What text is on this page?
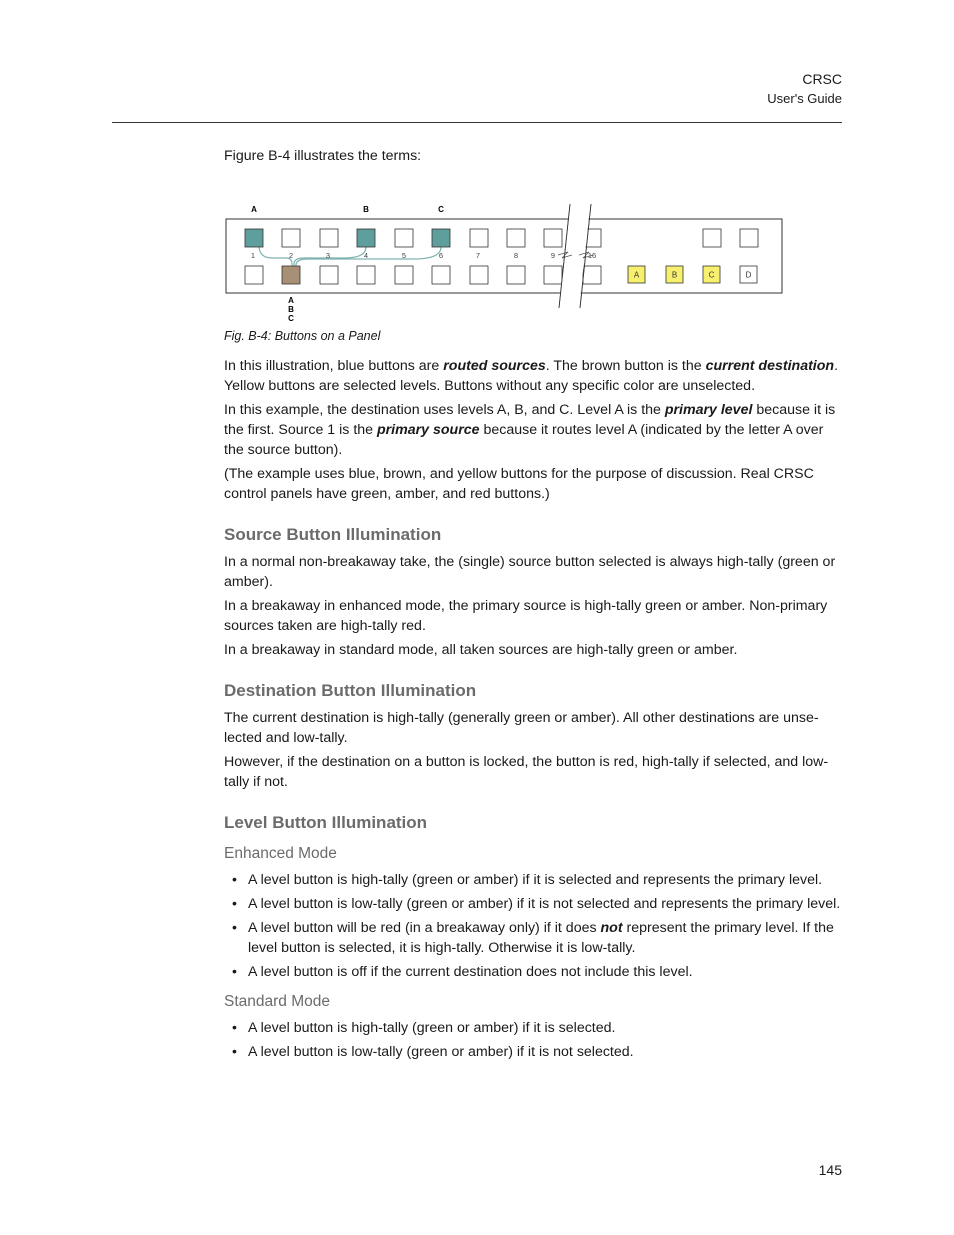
CRSC
User's Guide

Figure B-4 illustrates the terms:

A	B	C
1	2	3	4	5	6	7	8	9	16
A	B	C	D
A
B
C

Fig. B-4: Buttons on a Panel

In this illustration, blue buttons are routed sources. The brown button is the current destination. Yellow buttons are selected levels. Buttons without any specific color are unselected.

In this example, the destination uses levels A, B, and C. Level A is the primary level because it is the first. Source 1 is the primary source because it routes level A (indicated by the letter A over the source button).

(The example uses blue, brown, and yellow buttons for the purpose of discussion. Real CRSC control panels have green, amber, and red buttons.)

Source Button Illumination

In a normal non-breakaway take, the (single) source button selected is always high-tally (green or amber).

In a breakaway in enhanced mode, the primary source is high-tally green or amber. Non-primary sources taken are high-tally red.

In a breakaway in standard mode, all taken sources are high-tally green or amber.

Destination Button Illumination

The current destination is high-tally (generally green or amber). All other destinations are unse-lected and low-tally.

However, if the destination on a button is locked, the button is red, high-tally if selected, and low-tally if not.

Level Button Illumination
Enhanced Mode
• A level button is high-tally (green or amber) if it is selected and represents the primary level.
• A level button is low-tally (green or amber) if it is not selected and represents the primary level.
• A level button will be red (in a breakaway only) if it does not represent the primary level. If the level button is selected, it is high-tally. Otherwise it is low-tally.
• A level button is off if the current destination does not include this level.
Standard Mode
• A level button is high-tally (green or amber) if it is selected.
• A level button is low-tally (green or amber) if it is not selected.
145
